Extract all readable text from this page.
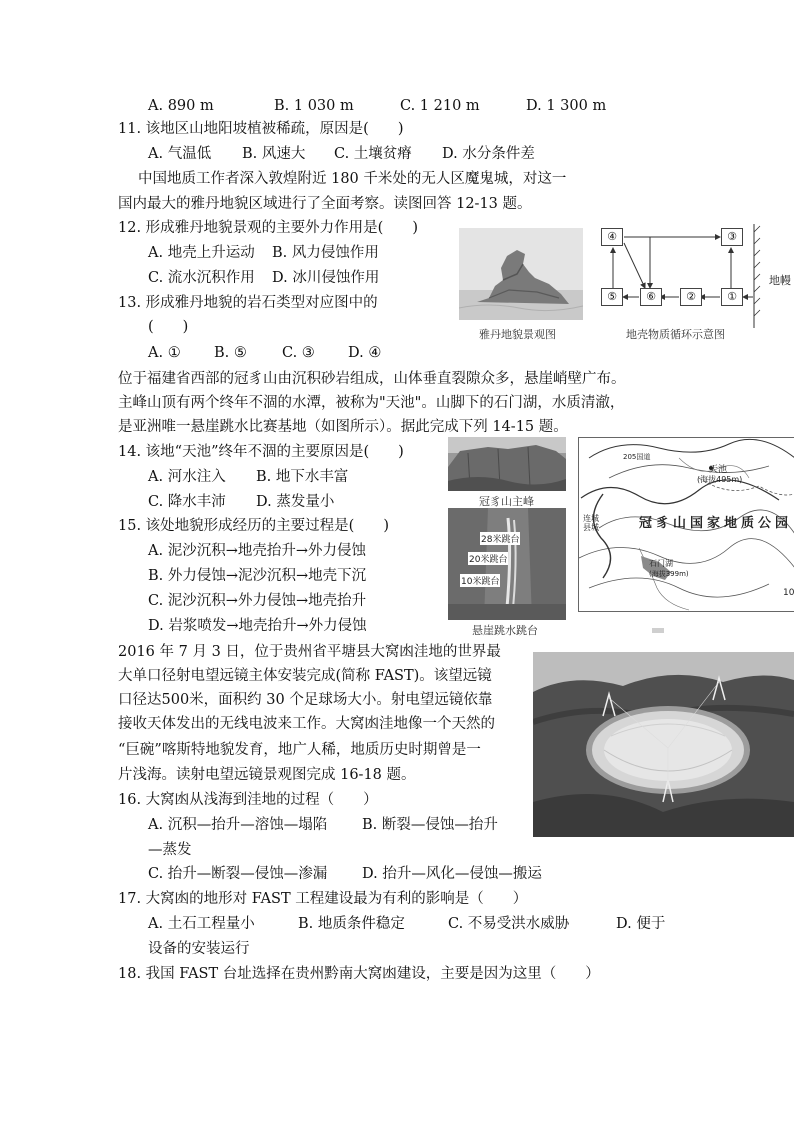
A. 890 m	B. 1 030 m	C. 1 210 m	D. 1 300 m
11. 该地区山地阳坡植被稀疏，原因是(　　)
A. 气温低 B. 风速大 C. 土壤贫瘠 D. 水分条件差
中国地质工作者深入敦煌附近 180 千米处的无人区魔鬼城，对这一
国内最大的雅丹地貌区域进行了全面考察。读图回答 12-13 题。
12. 形成雅丹地貌景观的主要外力作用是(　　)
A. 地壳上升运动 B. 风力侵蚀作用
C. 流水沉积作用 D. 冰川侵蚀作用
13. 形成雅丹地貌的岩石类型对应图中的
(　　)
A. ① B. ⑤ C. ③ D. ④
雅丹地貌景观图
④	③
⑤	⑥	②	①
地幔
地壳物质循环示意图
位于福建省西部的冠豸山由沉积砂岩组成，山体垂直裂隙众多，悬崖峭壁广布。
主峰山顶有两个终年不涸的水潭，被称为"天池"。山脚下的石门湖，水质清澈，
是亚洲唯一悬崖跳水比赛基地（如图所示）。据此完成下列 14-15 题。
14. 该地“天池”终年不涸的主要原因是(　　)
A. 河水注入 B. 地下水丰富
C. 降水丰沛 D. 蒸发量小
15. 该处地貌形成经历的主要过程是(　　)
A. 泥沙沉积→地壳抬升→外力侵蚀
B. 外力侵蚀→泥沙沉积→地壳下沉
C. 泥沙沉积→外力侵蚀→地壳抬升
D. 岩浆喷发→地壳抬升→外力侵蚀
冠豸山主峰
28米跳台
20米跳台
10米跳台
悬崖跳水跳台
天池
(海拔495m)
石门湖
(海拔399m)
连城县城
205国道
冠豸山国家地质公园
10
2016 年 7 月 3 日，位于贵州省平塘县大窝凼洼地的世界最
大单口径射电望远镜主体安装完成(简称 FAST)。该望远镜
口径达500米，面积约 30 个足球场大小。射电望远镜依靠
接收天体发出的无线电波来工作。大窝凼洼地像一个天然的
“巨碗”喀斯特地貌发育，地广人稀，地质历史时期曾是一
片浅海。读射电望远镜景观图完成 16-18 题。
16. 大窝凼从浅海到洼地的过程（　　）
A. 沉积—抬升—溶蚀—塌陷 B. 断裂—侵蚀—抬升
—蒸发
C. 抬升—断裂—侵蚀—渗漏 D. 抬升—风化—侵蚀—搬运
17. 大窝凼的地形对 FAST 工程建设最为有利的影响是（　　）
A. 土石工程量小	B. 地质条件稳定	C. 不易受洪水威胁	D. 便于
设备的安装运行
18. 我国 FAST 台址选择在贵州黔南大窝凼建设，主要是因为这里（　　）
